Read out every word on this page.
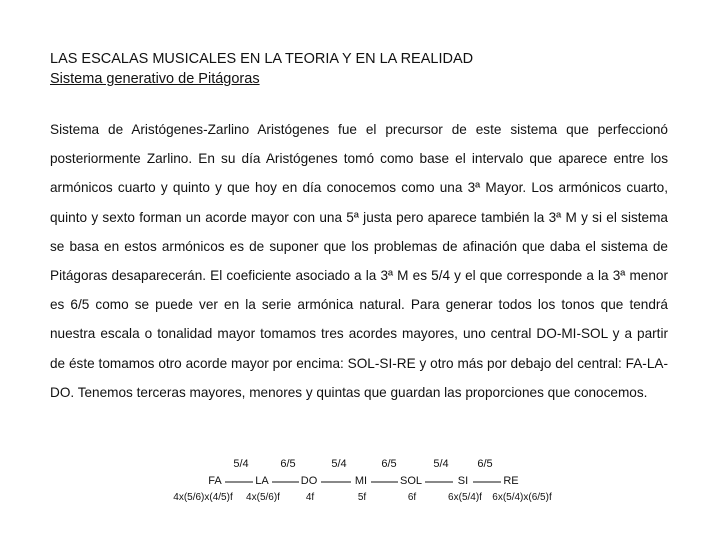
LAS ESCALAS MUSICALES EN LA TEORIA Y EN LA REALIDAD
Sistema generativo de Pitágoras

Sistema de Aristógenes-Zarlino Aristógenes fue el precursor de este sistema que perfeccionó posteriormente Zarlino. En su día Aristógenes tomó como base el intervalo que aparece entre los armónicos cuarto y quinto y que hoy en día conocemos como una 3ª Mayor. Los armónicos cuarto, quinto y sexto forman un acorde mayor con una 5ª justa pero aparece también la 3ª M y si el sistema se basa en estos armónicos es de suponer que los problemas de afinación que daba el sistema de Pitágoras desaparecerán. El coeficiente asociado a la 3ª M es 5/4 y el que corresponde a la 3ª menor es 6/5 como se puede ver en la serie armónica natural. Para generar todos los tonos que tendrá nuestra escala o tonalidad mayor tomamos tres acordes mayores, uno central DO-MI-SOL y a partir de éste tomamos otro acorde mayor por encima: SOL-SI-RE y otro más por debajo del central: FA-LA-DO. Tenemos terceras mayores, menores y quintas que guardan las proporciones que conocemos.

5/4	6/5	5/4	6/5	5/4	6/5
FA	LA	DO	MI	SOL	SI	RE
4x(5/6)x(4/5)f 4x(5/6)f	4f	5f	6f	6x(5/4)f 6x(5/4)x(6/5)f
